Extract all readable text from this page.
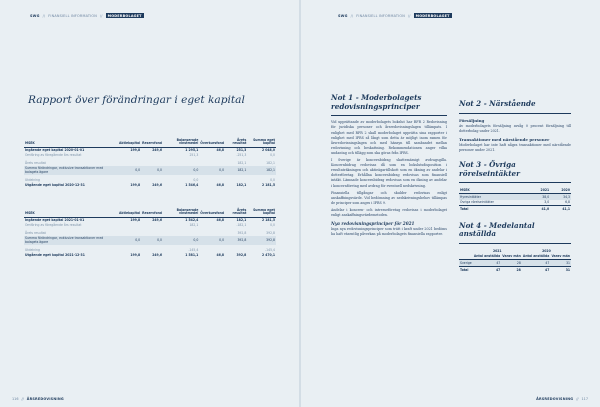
SWG // FINANSIELL INFORMATION //	MODERBOLAGET
Rapport över förändringar i eget kapital
MSEK	Aktiekapital	Reservfond	Balanserade vinstmedel	Överkursfond	Årets resultat	Summa eget kapital
Ingående eget kapital 2020-01-01	199,8	249,6	1 295,1	46,8	251,3	2 048,0
Omföring av föregående års resultat			251,3		-251,3	0,0

Årets resultat					182,1	182,1
Summa förändringar, exklusive transaktioner med bolagets ägare	0,0	0,0	0,0	0,0	182,1	182,1

Utdelning			0,0			0,0
Utgående eget kapital 2020-12-31	199,8	249,6	1 546,4	46,8	182,1	2 181,5
MSEK	Aktiekapital	Reservfond	Balanserade vinstmedel	Överkursfond	Årets resultat	Summa eget kapital
Ingående eget kapital 2021-01-01	199,8	249,6	1 542,4	46,8	182,1	2 181,5
Omföring av föregående års resultat			182,1		-182,1	0,0

Årets resultat					392,8	392,8
Summa förändringar, exklusive transaktioner med bolagets ägare	0,0	0,0	0,0	0,0	392,8	392,8

Utdelning			-145,4			-145,4
Utgående eget kapital 2021-12-31	199,8	249,6	1 581,1	46,8	392,8	2 470,1
116 // ÅRSREDOVISNING
SWG // FINANSIELL INFORMATION //	MODERBOLAGET
Not 1 - Moderbolagets redovisningsprinciper

Vid upprättande av moderbolagets bokslut har RFR 2 Redovisning för juridiska personer och årsredovisningslagen tillämpats. I enlighet med RFR 2 skall moderbolaget upprätta sina rapporter i enlighet med IFRS så långt som detta är möjligt inom ramen för årsredovisningslagen och med hänsyn till sambandet mellan redovisning och beskattning. Rekommendationen anger vilka undantag och tillägg som ska göras från IFRS.

I Sverige är koncernbidrag skattemässigt avdragsgilla. Koncernbidrag redovisas då som en bokslutsdisposition i resultaträkningen och aktieägartillskott som en ökning av andelar i dotterföretag. Erhållna koncernbidrag redovisas som finansiell intäkt. Lämnade koncernbidrag redovisas som en ökning av andelar i koncernföretag med avdrag för eventuell nedskrivning.

Finansiella tillgångar och skulder redovisas enligt anskaffningsvärde. Vid bedömning av nedskrivningsbehov tillämpas de principer som anges i IFRS 9.

Andelar i koncern- och intresseföretag redovisas i moderbolaget enligt anskaffningsvärdemetoden.

Nya redovisningsprinciper för 2021

Inga nya redovisningsprinciper som trätt i kraft under 2021 bedöms ha haft väsentlig påverkan på moderbolagets finansiella rapporter.

Not 2 - Närstående
Försäljning

Av moderbolagets försäljning avsåg 0 procent försäljning till dotterbolag under 2021.

Transaktioner med närstående personer

Moderbolaget har inte haft några transaktioner med närstående personer under 2021.

Not 3 - Övriga rörelseintäkter
MSEK	2021	2020
Hyresintäkter	38,0	34,3
Övriga rörelseintäkter	3,0	6,8
Total	41,0	41,1
Not 4 - Medelantal anställda
	2021		2020	
	Antal anställda	Varav män	Antal anställda	Varav män
Sverige	47	28	47	31
Total	47	28	47	31
ÅRSREDOVISNING // 117
